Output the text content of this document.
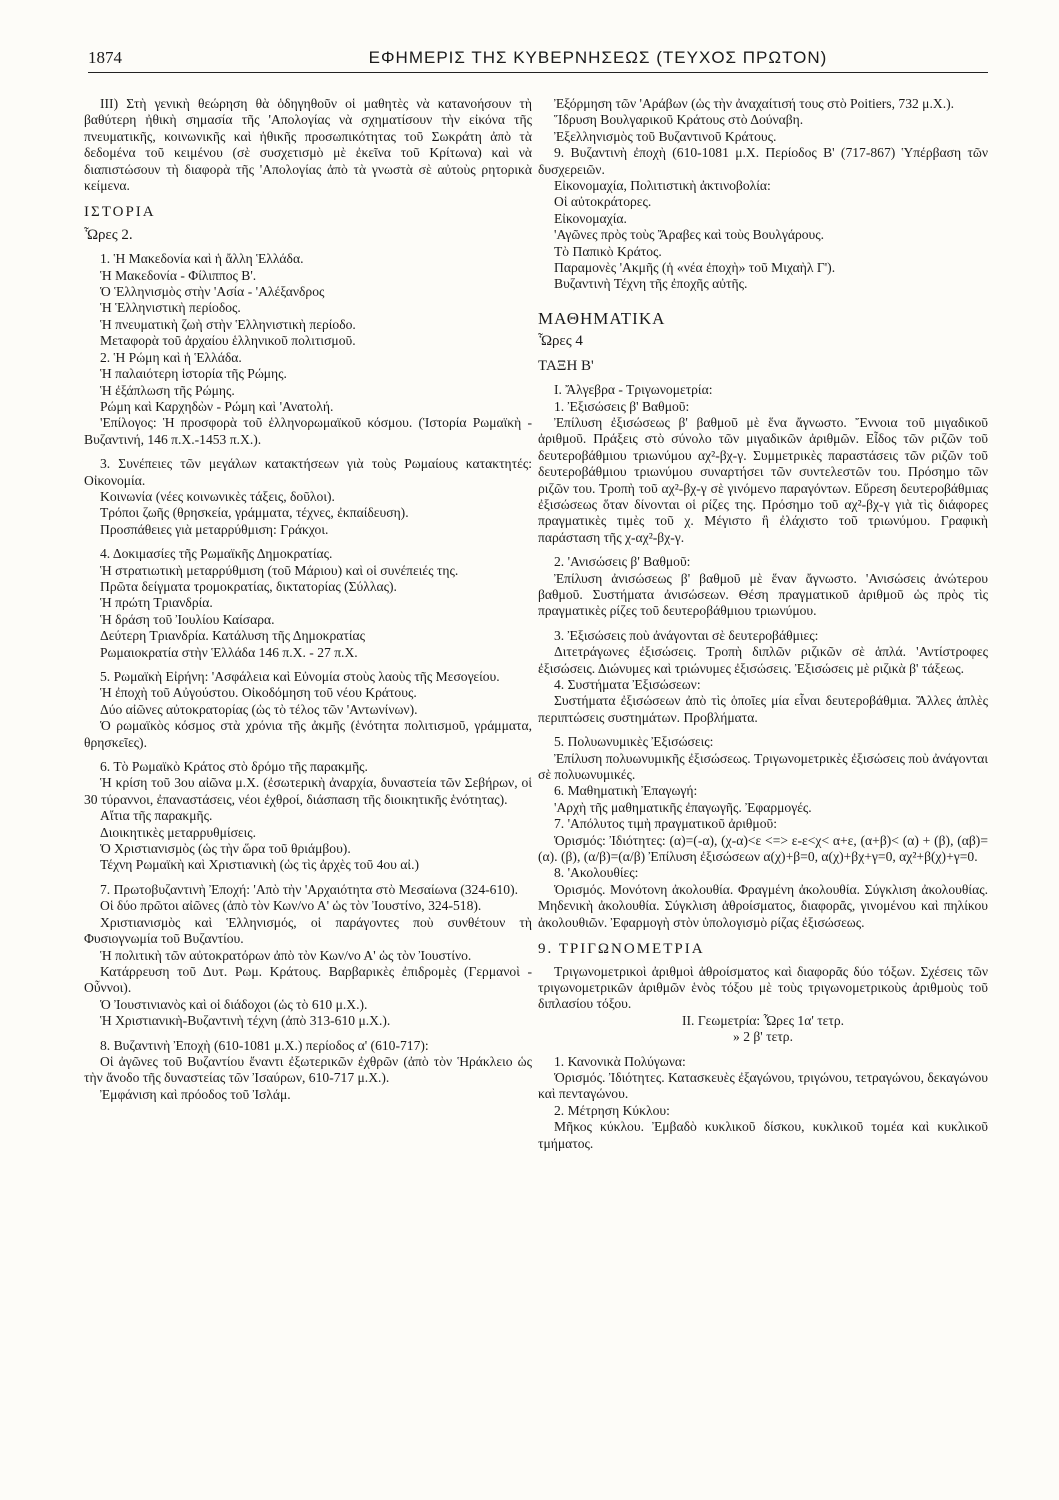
1874	ΕΦΗΜΕΡΙΣ ΤΗΣ ΚΥΒΕΡΝΗΣΕΩΣ (ΤΕΥΧΟΣ ΠΡΩΤΟΝ)

III) Στὴ γενικὴ θεώρηση θὰ ὁδηγηθοῦν οἱ μαθητὲς νὰ κατανοήσουν τὴ βαθύτερη ἠθικὴ σημασία τῆς 'Απολογίας νὰ σχηματίσουν τὴν εἰκόνα τῆς πνευματικῆς, κοινωνικῆς καὶ ἠθικῆς προσωπικότητας τοῦ Σωκράτη ἀπὸ τὰ δεδομένα τοῦ κειμένου (σὲ συσχετισμὸ μὲ ἐκεῖνα τοῦ Κρίτωνα) καὶ νὰ διαπιστώσουν τὴ διαφορὰ τῆς 'Απολογίας ἀπὸ τὰ γνωστὰ σὲ αὐτοὺς ρητορικὰ κείμενα.

ΙΣΤΟΡΙΑ

Ὧρες 2.

1. Ἡ Μακεδονία καὶ ἡ ἄλλη Ἑλλάδα.

Ἡ Μακεδονία - Φίλιππος Β'.

Ὁ Ἑλληνισμὸς στὴν 'Ασία - 'Αλέξανδρος

Ἡ Ἑλληνιστικὴ περίοδος.

Ἡ πνευματικὴ ζωὴ στὴν Ἑλληνιστικὴ περίοδο.

Μεταφορὰ τοῦ ἀρχαίου ἑλληνικοῦ πολιτισμοῦ.

2. Ἡ Ρώμη καὶ ἡ Ἑλλάδα.

Ἡ παλαιότερη ἱστορία τῆς Ρώμης.

Ἡ ἐξάπλωση τῆς Ρώμης.

Ρώμη καὶ Καρχηδὼν - Ρώμη καὶ 'Ανατολή.

'Επίλογος: Ἡ προσφορὰ τοῦ ἑλληνορωμαϊκοῦ κόσμου. (Ἱστορία Ρωμαϊκὴ - Βυζαντινή, 146 π.Χ.-1453 π.Χ.).

3. Συνέπειες τῶν μεγάλων κατακτήσεων γιὰ τοὺς Ρωμαίους κατακτητές: Οἰκονομία.

Κοινωνία (νέες κοινωνικὲς τάξεις, δοῦλοι).

Τρόποι ζωῆς (θρησκεία, γράμματα, τέχνες, ἐκπαίδευση).

Προσπάθειες γιὰ μεταρρύθμιση: Γράκχοι.

4. Δοκιμασίες τῆς Ρωμαϊκῆς Δημοκρατίας.

Ἡ στρατιωτικὴ μεταρρύθμιση (τοῦ Μάριου) καὶ οἱ συνέπειές της.

Πρῶτα δείγματα τρομοκρατίας, δικτατορίας (Σύλλας).

Ἡ πρώτη Τριανδρία.

Ἡ δράση τοῦ Ἰουλίου Καίσαρα.

Δεύτερη Τριανδρία. Κατάλυση τῆς Δημοκρατίας

Ρωμαιοκρατία στὴν Ἑλλάδα 146 π.Χ. - 27 π.Χ.

5. Ρωμαϊκὴ Εἰρήνη: 'Ασφάλεια καὶ Εὐνομία στοὺς λαοὺς τῆς Μεσογείου.

Ἡ ἐποχὴ τοῦ Αὐγούστου. Οἰκοδόμηση τοῦ νέου Κράτους.

Δύο αἰῶνες αὐτοκρατορίας (ὡς τὸ τέλος τῶν 'Αντωνίνων).

Ὁ ρωμαϊκὸς κόσμος στὰ χρόνια τῆς ἀκμῆς (ἑνότητα πολιτισμοῦ, γράμματα, θρησκεῖες).

6. Τὸ Ρωμαϊκὸ Κράτος στὸ δρόμο τῆς παρακμῆς.

Ἡ κρίση τοῦ 3ου αἰῶνα μ.Χ. (ἐσωτερικὴ ἀναρχία, δυναστεία τῶν Σεβήρων, οἱ 30 τύραννοι, ἐπαναστάσεις, νέοι ἐχθροί, διάσπαση τῆς διοικητικῆς ἑνότητας).

Αἴτια τῆς παρακμῆς.

Διοικητικὲς μεταρρυθμίσεις.

Ὁ Χριστιανισμὸς (ὡς τὴν ὥρα τοῦ θριάμβου).

Τέχνη Ρωμαϊκὴ καὶ Χριστιανικὴ (ὡς τὶς ἀρχὲς τοῦ 4ου αἰ.)

7. Πρωτοβυζαντινὴ Ἐποχή: 'Απὸ τὴν 'Αρχαιότητα στὸ Μεσαίωνα (324-610).

Οἱ δύο πρῶτοι αἰῶνες (ἀπὸ τὸν Κων/νο Α' ὡς τὸν Ἰουστίνο, 324-518).

Χριστιανισμὸς καὶ Ἑλληνισμός, οἱ παράγοντες ποὺ συνθέτουν τὴ Φυσιογνωμία τοῦ Βυζαντίου.

Ἡ πολιτικὴ τῶν αὐτοκρατόρων ἀπὸ τὸν Κων/νο Α' ὡς τὸν Ἰουστίνο.

Κατάρρευση τοῦ Δυτ. Ρωμ. Κράτους. Βαρβαρικὲς ἐπιδρομὲς (Γερμανοὶ - Οὖννοι).

Ὁ Ἰουστινιανὸς καὶ οἱ διάδοχοι (ὡς τὸ 610 μ.Χ.).

Ἡ Χριστιανικὴ-Βυζαντινὴ τέχνη (ἀπὸ 313-610 μ.Χ.).

8. Βυζαντινὴ Ἐποχὴ (610-1081 μ.Χ.) περίοδος α' (610-717):

Οἱ ἀγῶνες τοῦ Βυζαντίου ἔναντι ἐξωτερικῶν ἐχθρῶν (ἀπὸ τὸν Ἡράκλειο ὡς τὴν ἄνοδο τῆς δυναστείας τῶν Ἰσαύρων, 610-717 μ.Χ.).

Ἐμφάνιση καὶ πρόοδος τοῦ Ἰσλάμ.

Ἐξόρμηση τῶν 'Αράβων (ὡς τὴν ἀναχαίτισή τους στὸ Poitiers, 732 μ.Χ.).

Ἵδρυση Βουλγαρικοῦ Κράτους στὸ Δούναβη.

Ἐξελληνισμὸς τοῦ Βυζαντινοῦ Κράτους.

9. Βυζαντινὴ ἐποχὴ (610-1081 μ.Χ. Περίοδος Β' (717-867) Ὑπέρβαση τῶν δυσχερειῶν.

Εἰκονομαχία, Πολιτιστικὴ ἀκτινοβολία:

Οἱ αὐτοκράτορες.

Εἰκονομαχία.

'Αγῶνες πρὸς τοὺς Ἄραβες καὶ τοὺς Βουλγάρους.

Τὸ Παπικὸ Κράτος.

Παραμονὲς 'Ακμῆς (ἡ «νέα ἐποχὴ» τοῦ Μιχαὴλ Γ').

Βυζαντινὴ Τέχνη τῆς ἐποχῆς αὐτῆς.

ΜΑΘΗΜΑΤΙΚΑ

Ὧρες 4

ΤΑΞΗ Β'

Ι. Ἄλγεβρα - Τριγωνομετρία:

1. Ἐξισώσεις β' Βαθμοῦ:

Ἐπίλυση ἐξισώσεως β' βαθμοῦ μὲ ἕνα ἄγνωστο. Ἔννοια τοῦ μιγαδικοῦ ἀριθμοῦ. Πράξεις στὸ σύνολο τῶν μιγαδικῶν ἀριθμῶν. Εἶδος τῶν ριζῶν τοῦ δευτεροβάθμιου τριωνύμου αχ²-βχ-γ. Συμμετρικὲς παραστάσεις τῶν ριζῶν τοῦ δευτεροβάθμιου τριωνύμου συναρτήσει τῶν συντελεστῶν του. Πρόσημο τῶν ριζῶν του. Τροπὴ τοῦ αχ²-βχ-γ σὲ γινόμενο παραγόντων. Εὕρεση δευτεροβάθμιας ἐξισώσεως ὅταν δίνονται οἱ ρίζες της. Πρόσημο τοῦ αχ²-βχ-γ γιὰ τὶς διάφορες πραγματικὲς τιμὲς τοῦ χ. Μέγιστο ἢ ἐλάχιστο τοῦ τριωνύμου. Γραφικὴ παράσταση τῆς χ-αχ²-βχ-γ.

2. 'Ανισώσεις β' Βαθμοῦ:

Ἐπίλυση ἀνισώσεως β' βαθμοῦ μὲ ἕναν ἄγνωστο. 'Ανισώσεις ἀνώτερου βαθμοῦ. Συστήματα ἀνισώσεων. Θέση πραγματικοῦ ἀριθμοῦ ὡς πρὸς τὶς πραγματικὲς ρίζες τοῦ δευτεροβάθμιου τριωνύμου.

3. Ἐξισώσεις ποὺ ἀνάγονται σὲ δευτεροβάθμιες:

Διτετράγωνες ἐξισώσεις. Τροπὴ διπλῶν ριζικῶν σὲ ἁπλά. 'Αντίστροφες ἐξισώσεις. Διώνυμες καὶ τριώνυμες ἐξισώσεις. Ἐξισώσεις μὲ ριζικὰ β' τάξεως.

4. Συστήματα Ἐξισώσεων:

Συστήματα ἐξισώσεων ἀπὸ τὶς ὁποῖες μία εἶναι δευτεροβάθμια. Ἄλλες ἁπλὲς περιπτώσεις συστημάτων. Προβλήματα.

5. Πολυωνυμικὲς Ἐξισώσεις:

Ἐπίλυση πολυωνυμικῆς ἐξισώσεως. Τριγωνομετρικὲς ἐξισώσεις ποὺ ἀνάγονται σὲ πολυωνυμικές.

6. Μαθηματικὴ Ἐπαγωγή:

'Αρχὴ τῆς μαθηματικῆς ἐπαγωγῆς. Ἐφαρμογές.

7. 'Απόλυτος τιμὴ πραγματικοῦ ἀριθμοῦ:

Ὁρισμός: Ἰδιότητες: (α)=(-α), (χ-α)<ε <=> ε-ε<χ< α+ε, (α+β)< (α) + (β), (αβ)=(α). (β), (α/β)=(α/β) Ἐπίλυση ἐξισώσεων α(χ)+β=0, α(χ)+βχ+γ=0, αχ²+β(χ)+γ=0.

8. 'Ακολουθίες:

Ὁρισμός. Μονότονη ἀκολουθία. Φραγμένη ἀκολουθία. Σύγκλιση ἀκολουθίας. Μηδενικὴ ἀκολουθία. Σύγκλιση ἀθροίσματος, διαφορᾶς, γινομένου καὶ πηλίκου ἀκολουθιῶν. Ἐφαρμογὴ στὸν ὑπολογισμὸ ρίζας ἐξισώσεως.

9. ΤΡΙΓΩΝΟΜΕΤΡΙΑ

Τριγωνομετρικοὶ ἀριθμοὶ ἀθροίσματος καὶ διαφορᾶς δύο τόξων. Σχέσεις τῶν τριγωνομετρικῶν ἀριθμῶν ἑνὸς τόξου μὲ τοὺς τριγωνομετρικοὺς ἀριθμοὺς τοῦ διπλασίου τόξου.

ΙΙ. Γεωμετρία: Ὧρες 1α' τετρ.

» 2 β' τετρ.

1. Κανονικὰ Πολύγωνα:

Ὁρισμός. Ἰδιότητες. Κατασκευὲς ἐξαγώνου, τριγώνου, τετραγώνου, δεκαγώνου καὶ πενταγώνου.

2. Μέτρηση Κύκλου:

Μῆκος κύκλου. Ἐμβαδὸ κυκλικοῦ δίσκου, κυκλικοῦ τομέα καὶ κυκλικοῦ τμήματος.
